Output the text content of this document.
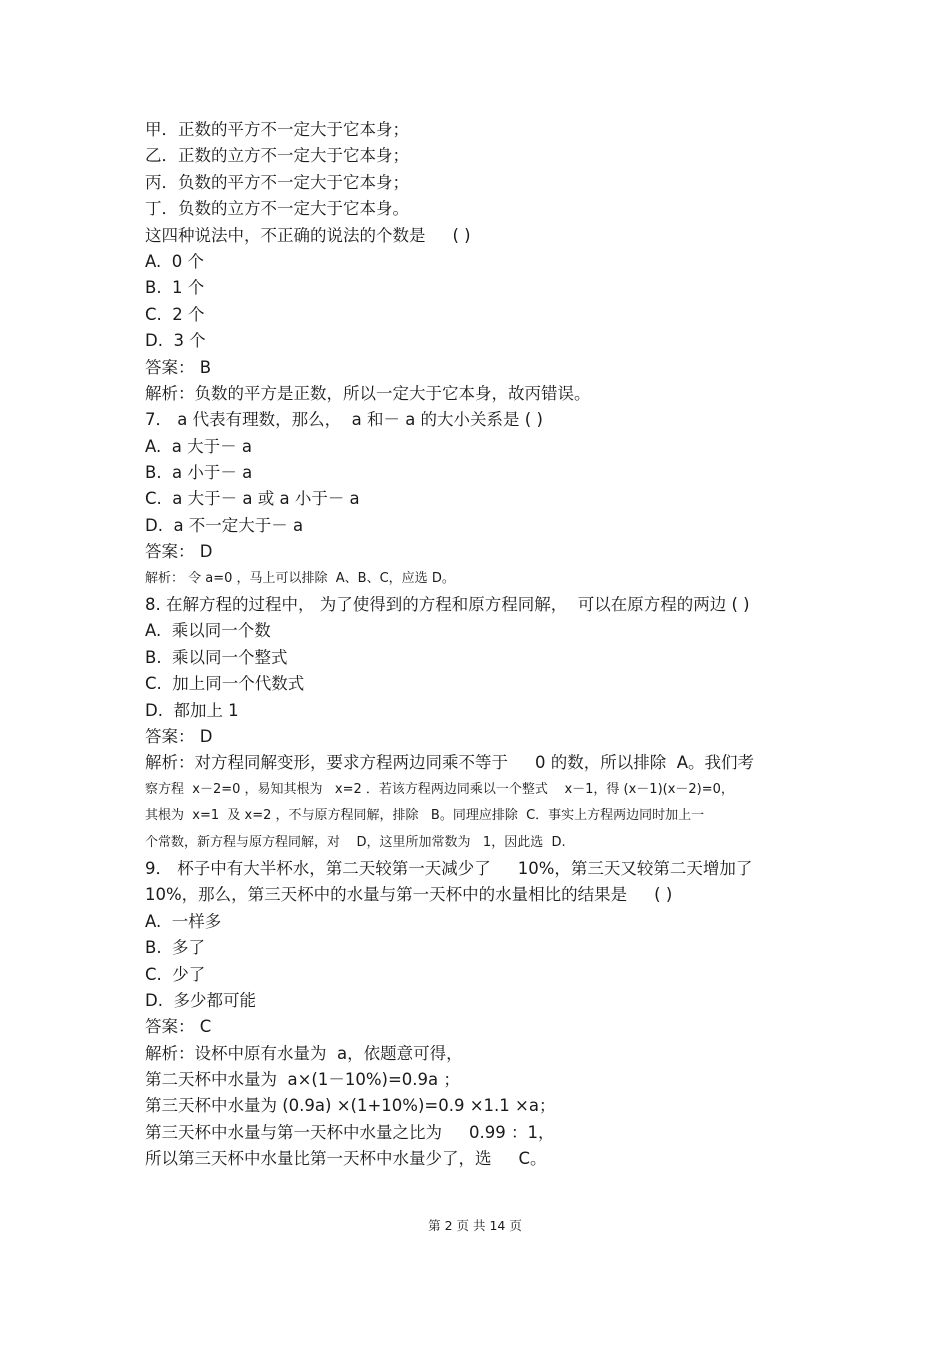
甲．正数的平方不一定大于它本身；
乙．正数的立方不一定大于它本身；
丙．负数的平方不一定大于它本身；
丁．负数的立方不一定大于它本身。
这四种说法中，不正确的说法的个数是　  ( )
A.  0 个
B.  1 个
C.  2 个
D.  3 个
答案： B
解析：负数的平方是正数，所以一定大于它本身，故丙错误。
7． a 代表有理数，那么，  a 和－ a 的大小关系是 ( )
A.  a 大于－ a
B.  a 小于－ a
C.  a 大于－ a 或 a 小于－ a
D.  a 不一定大于－ a
答案： D
解析： 令 a=0 ，马上可以排除  A、B、C，应选 D。
8. 在解方程的过程中， 为了使得到的方程和原方程同解，  可以在原方程的两边 ( )
A.  乘以同一个数
B.  乘以同一个整式
C.  加上同一个代数式
D.  都加上 1
答案： D
解析：对方程同解变形，要求方程两边同乘不等于　  0 的数，所以排除  A。我们考
察方程  x－2=0 ，易知其根为   x=2 ．若该方程两边同乘以一个整式    x－1，得 (x－1)(x－2)=0，
其根为  x=1  及 x=2 ，不与原方程同解，排除   B。同理应排除  C．事实上方程两边同时加上一
个常数，新方程与原方程同解，对    D，这里所加常数为   1，因此选  D.
9． 杯子中有大半杯水，第二天较第一天减少了　  10%，第三天又较第二天增加了
10%，那么，第三天杯中的水量与第一天杯中的水量相比的结果是　  ( )
A.  一样多
B.  多了
C.  少了
D.  多少都可能
答案： C
解析：设杯中原有水量为  a，依题意可得，
第二天杯中水量为  a×(1－10%)=0.9a ；
第三天杯中水量为 (0.9a) ×(1+10%)=0.9 ×1.1 ×a；
第三天杯中水量与第一天杯中水量之比为　  0.99 ：1，
所以第三天杯中水量比第一天杯中水量少了，选　  C。
第 2 页 共 14 页
